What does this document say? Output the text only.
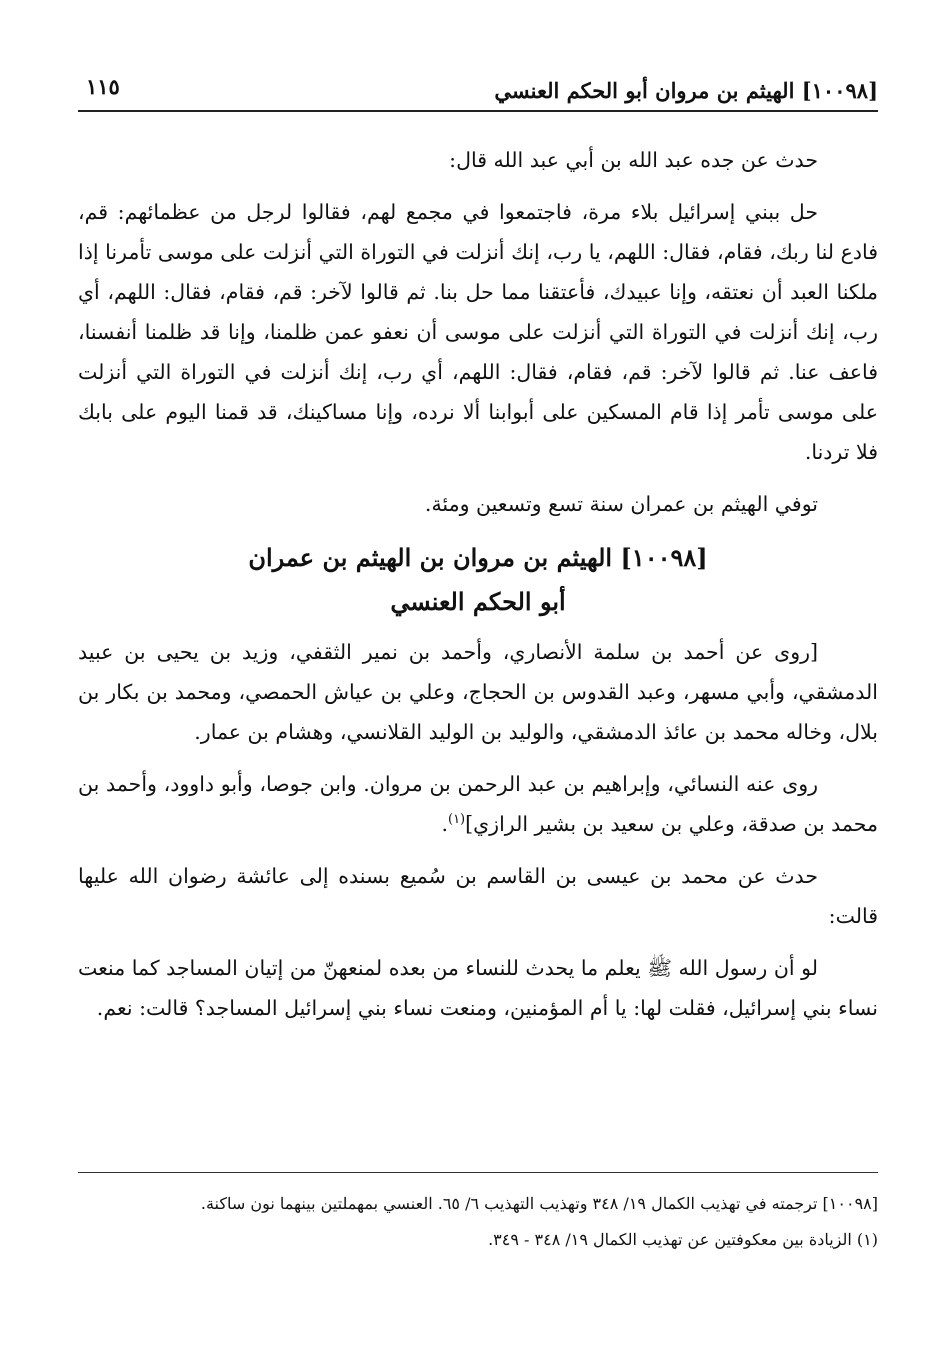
[١٠٠٩٨] الهيثم بن مروان أبو الحكم العنسي
١١٥

حدث عن جده عبد الله بن أبي عبد الله قال:

حل ببني إسرائيل بلاء مرة، فاجتمعوا في مجمع لهم، فقالوا لرجل من عظمائهم: قم، فادع لنا ربك، فقام، فقال: اللهم، يا رب، إنك أنزلت في التوراة التي أنزلت على موسى تأمرنا إذا ملكنا العبد أن نعتقه، وإنا عبيدك، فأعتقنا مما حل بنا. ثم قالوا لآخر: قم، فقام، فقال: اللهم، أي رب، إنك أنزلت في التوراة التي أنزلت على موسى أن نعفو عمن ظلمنا، وإنا قد ظلمنا أنفسنا، فاعف عنا. ثم قالوا لآخر: قم، فقام، فقال: اللهم، أي رب، إنك أنزلت في التوراة التي أنزلت على موسى تأمر إذا قام المسكين على أبوابنا ألا نرده، وإنا مساكينك، قد قمنا اليوم على بابك فلا تردنا.

توفي الهيثم بن عمران سنة تسع وتسعين ومئة.

[١٠٠٩٨] الهيثم بن مروان بن الهيثم بن عمران
أبو الحكم العنسي

[روى عن أحمد بن سلمة الأنصاري، وأحمد بن نمير الثقفي، وزيد بن يحيى بن عبيد الدمشقي، وأبي مسهر، وعبد القدوس بن الحجاج، وعلي بن عياش الحمصي، ومحمد بن بكار بن بلال، وخاله محمد بن عائذ الدمشقي، والوليد بن الوليد القلانسي، وهشام بن عمار.

روى عنه النسائي، وإبراهيم بن عبد الرحمن بن مروان. وابن جوصا، وأبو داوود، وأحمد بن محمد بن صدقة، وعلي بن سعيد بن بشير الرازي]$^{(١)}$.

حدث عن محمد بن عيسى بن القاسم بن سُميع بسنده إلى عائشة رضوان الله عليها قالت:

لو أن رسول الله ﷺ يعلم ما يحدث للنساء من بعده لمنعهنّ من إتيان المساجد كما منعت نساء بني إسرائيل، فقلت لها: يا أم المؤمنين، ومنعت نساء بني إسرائيل المساجد؟ قالت: نعم.

[١٠٠٩٨] ترجمته في تهذيب الكمال ١٩/ ٣٤٨ وتهذيب التهذيب ٦/ ٦٥. العنسي بمهملتين بينهما نون ساكنة.

(١) الزيادة بين معكوفتين عن تهذيب الكمال ١٩/ ٣٤٨ - ٣٤٩.
